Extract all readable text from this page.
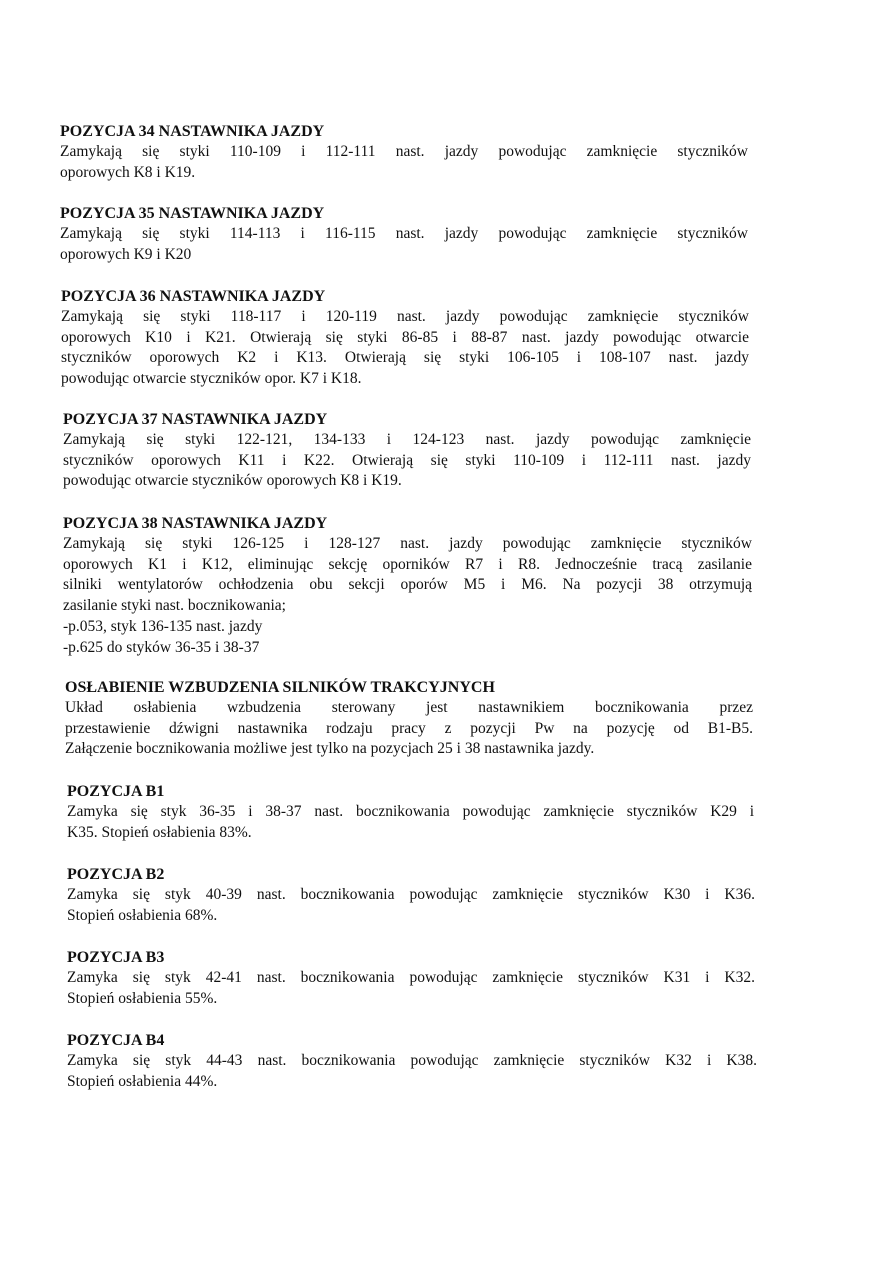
POZYCJA 34 NASTAWNIKA JAZDY
Zamykają się styki 110-109 i 112-111 nast. jazdy powodując zamknięcie styczników
oporowych K8 i K19.
POZYCJA 35 NASTAWNIKA JAZDY
Zamykają się styki 114-113 i 116-115 nast. jazdy powodując zamknięcie styczników
oporowych K9 i K20
POZYCJA 36 NASTAWNIKA JAZDY
Zamykają się styki 118-117 i 120-119 nast. jazdy powodując zamknięcie styczników
oporowych K10 i K21. Otwierają się styki 86-85 i 88-87 nast. jazdy powodując otwarcie
styczników oporowych K2 i K13. Otwierają się styki 106-105 i 108-107 nast. jazdy
powodując otwarcie styczników opor. K7 i K18.
POZYCJA 37 NASTAWNIKA JAZDY
Zamykają się styki 122-121, 134-133 i 124-123 nast. jazdy powodując zamknięcie
styczników oporowych K11 i K22. Otwierają się styki 110-109 i 112-111 nast. jazdy
powodując otwarcie styczników oporowych K8 i K19.
POZYCJA 38 NASTAWNIKA JAZDY
Zamykają się styki 126-125 i 128-127 nast. jazdy powodując zamknięcie styczników
oporowych K1 i K12, eliminując sekcję oporników R7 i R8. Jednocześnie tracą zasilanie
silniki wentylatorów ochłodzenia obu sekcji oporów M5 i M6. Na pozycji 38 otrzymują
zasilanie styki nast. bocznikowania;
-p.053, styk 136-135 nast. jazdy
-p.625 do styków 36-35 i 38-37
OSŁABIENIE WZBUDZENIA SILNIKÓW TRAKCYJNYCH
Układ osłabienia wzbudzenia sterowany jest nastawnikiem bocznikowania przez
przestawienie dźwigni nastawnika rodzaju pracy z pozycji Pw na pozycję od B1-B5.
Załączenie bocznikowania możliwe jest tylko na pozycjach 25 i 38 nastawnika jazdy.
POZYCJA B1
Zamyka się styk 36-35 i 38-37 nast. bocznikowania powodując zamknięcie styczników K29 i
K35. Stopień osłabienia 83%.
POZYCJA B2
Zamyka się styk 40-39 nast. bocznikowania powodując zamknięcie styczników K30 i K36.
Stopień osłabienia 68%.
POZYCJA B3
Zamyka się styk 42-41 nast. bocznikowania powodując zamknięcie styczników K31 i K32.
Stopień osłabienia 55%.
POZYCJA B4
Zamyka się styk 44-43 nast. bocznikowania powodując zamknięcie styczników K32 i K38.
Stopień osłabienia 44%.
